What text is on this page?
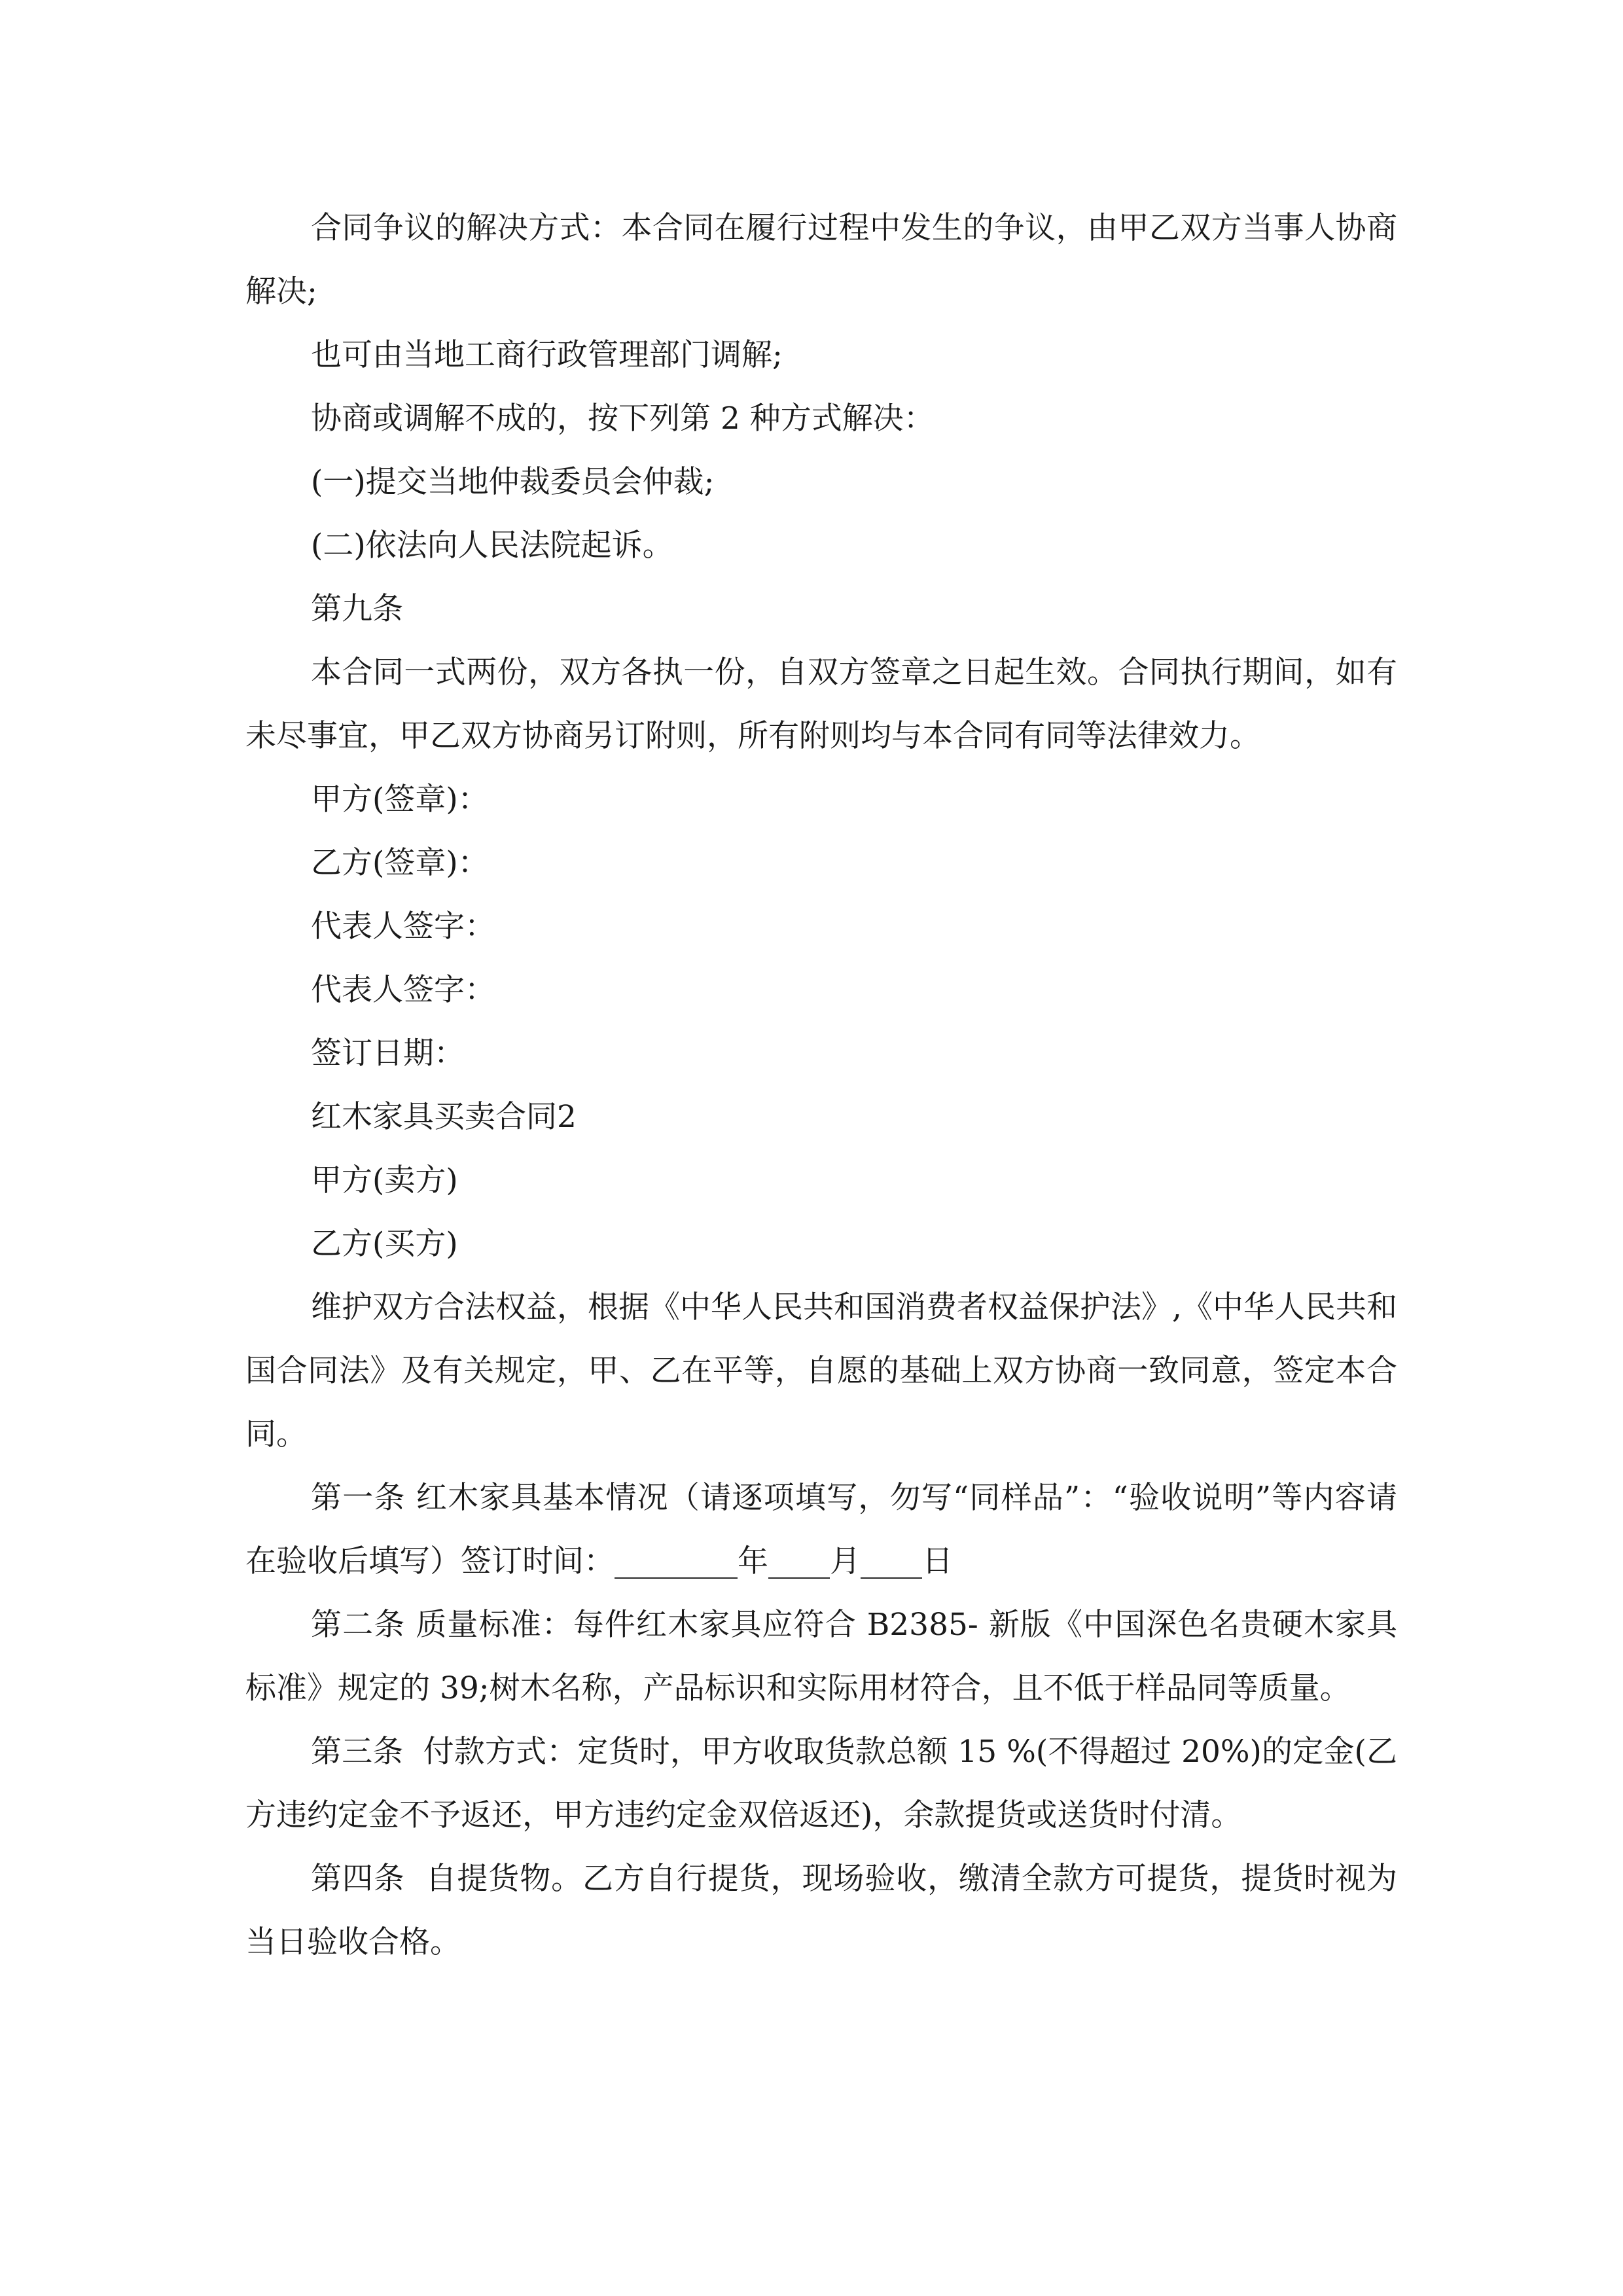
合同争议的解决方式：本合同在履行过程中发生的争议，由甲乙双方当事人协商解决;

也可由当地工商行政管理部门调解;

协商或调解不成的，按下列第 2 种方式解决：

(一)提交当地仲裁委员会仲裁;

(二)依法向人民法院起诉。

第九条

本合同一式两份，双方各执一份，自双方签章之日起生效。合同执行期间，如有未尽事宜，甲乙双方协商另订附则，所有附则均与本合同有同等法律效力。

甲方(签章)：

乙方(签章)：

代表人签字：

代表人签字：

签订日期：

红木家具买卖合同2

甲方(卖方)

乙方(买方)

维护双方合法权益，根据《中华人民共和国消费者权益保护法》,《中华人民共和国合同法》及有关规定，甲、乙在平等，自愿的基础上双方协商一致同意，签定本合同。

第一条 红木家具基本情况（请逐项填写，勿写“同样品”：“验收说明”等内容请在验收后填写）签订时间：________年____月____日

第二条 质量标准：每件红木家具应符合 B2385- 新版《中国深色名贵硬木家具标准》规定的 39;树木名称，产品标识和实际用材符合，且不低于样品同等质量。

第三条  付款方式：定货时，甲方收取货款总额 15 %(不得超过 20%)的定金(乙方违约定金不予返还，甲方违约定金双倍返还)，余款提货或送货时付清。

第四条  自提货物。乙方自行提货，现场验收，缴清全款方可提货，提货时视为当日验收合格。
